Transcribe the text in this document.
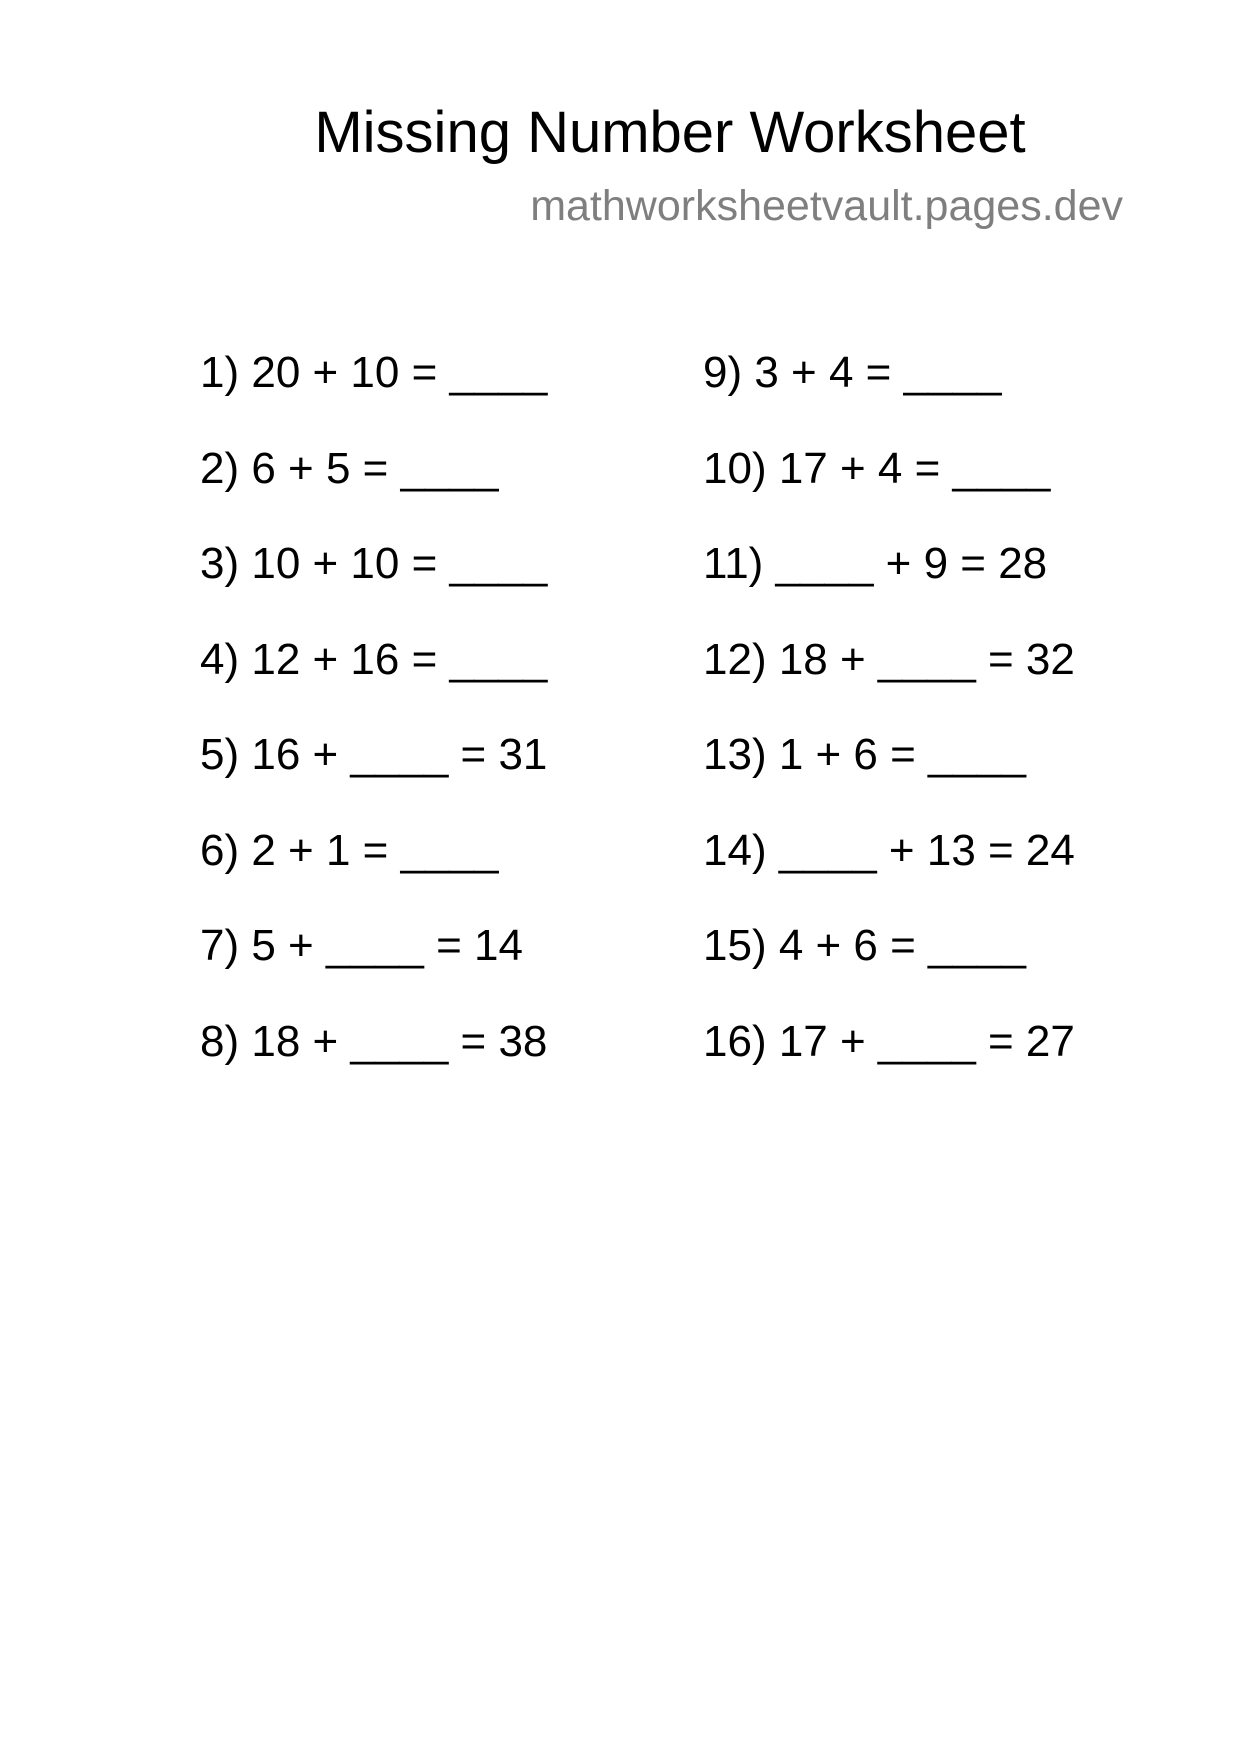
Missing Number Worksheet
mathworksheetvault.pages.dev
1) 20 + 10 = ____
2) 6 + 5 = ____
3) 10 + 10 = ____
4) 12 + 16 = ____
5) 16 + ____ = 31
6) 2 + 1 = ____
7) 5 + ____ = 14
8) 18 + ____ = 38
9) 3 + 4 = ____
10) 17 + 4 = ____
11) ____ + 9 = 28
12) 18 + ____ = 32
13) 1 + 6 = ____
14) ____ + 13 = 24
15) 4 + 6 = ____
16) 17 + ____ = 27
